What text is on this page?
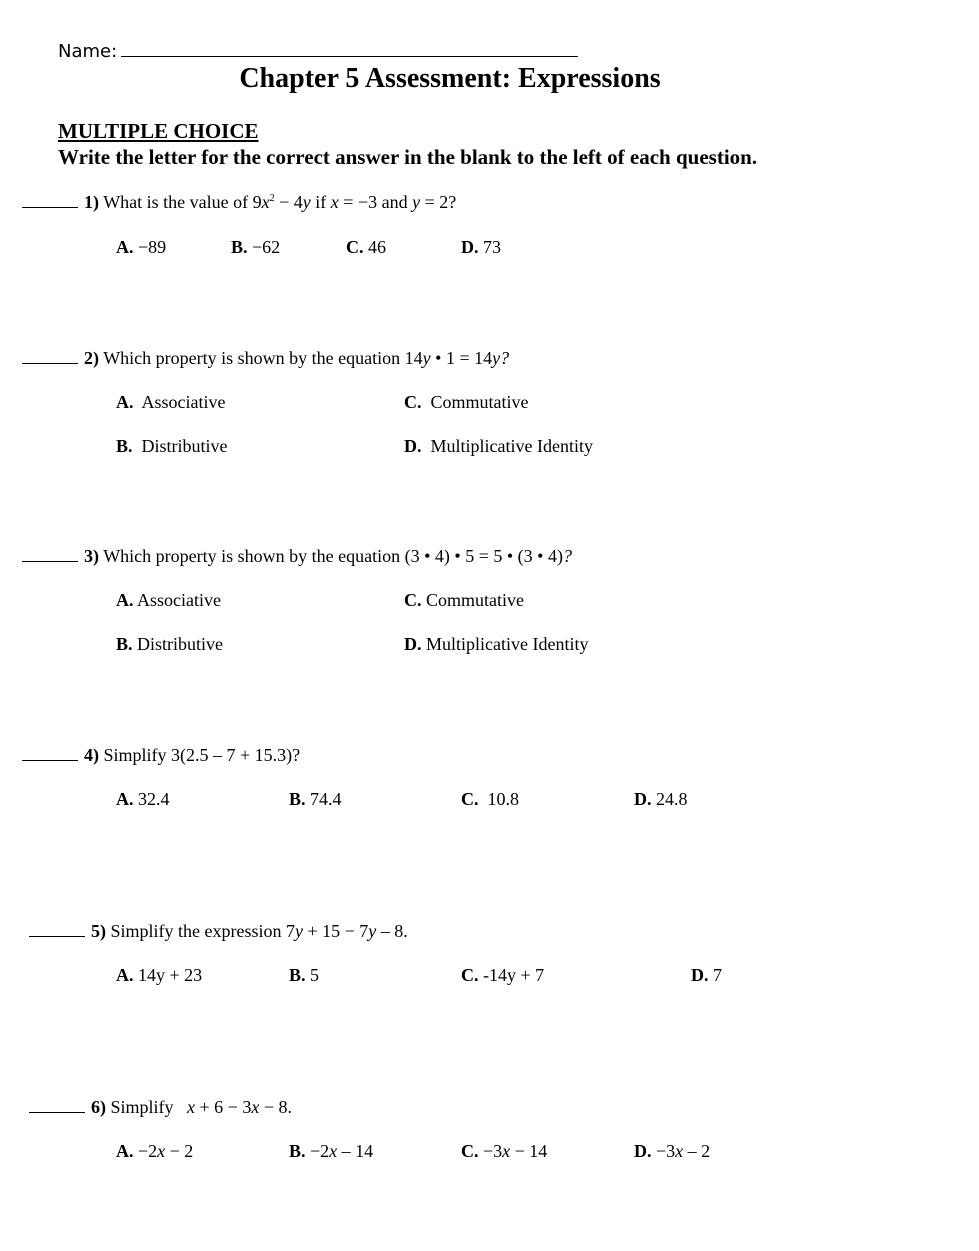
Name:
Chapter 5 Assessment: Expressions
MULTIPLE CHOICE
Write the letter for the correct answer in the blank to the left of each question.
1) What is the value of $9x^2 - 4y$ if x = −3 and y = 2?
A. −89	B. −62	C. 46	D. 73
2) Which property is shown by the equation 14y • 1 = 14y?
A. Associative	C. Commutative
B. Distributive	D. Multiplicative Identity
3) Which property is shown by the equation (3 • 4) • 5 = 5 • (3 • 4)?
A. Associative	C. Commutative
B. Distributive	D. Multiplicative Identity
4) Simplify 3(2.5 – 7 + 15.3)?
A. 32.4	B. 74.4	C. 10.8	D. 24.8
5) Simplify the expression 7y + 15 − 7y – 8.
A. 14y + 23	B. 5	C. -14y + 7	D. 7
6) Simplify   x + 6 − 3x − 8.
A. −2x − 2	B. −2x – 14	C. −3x − 14	D. −3x – 2
